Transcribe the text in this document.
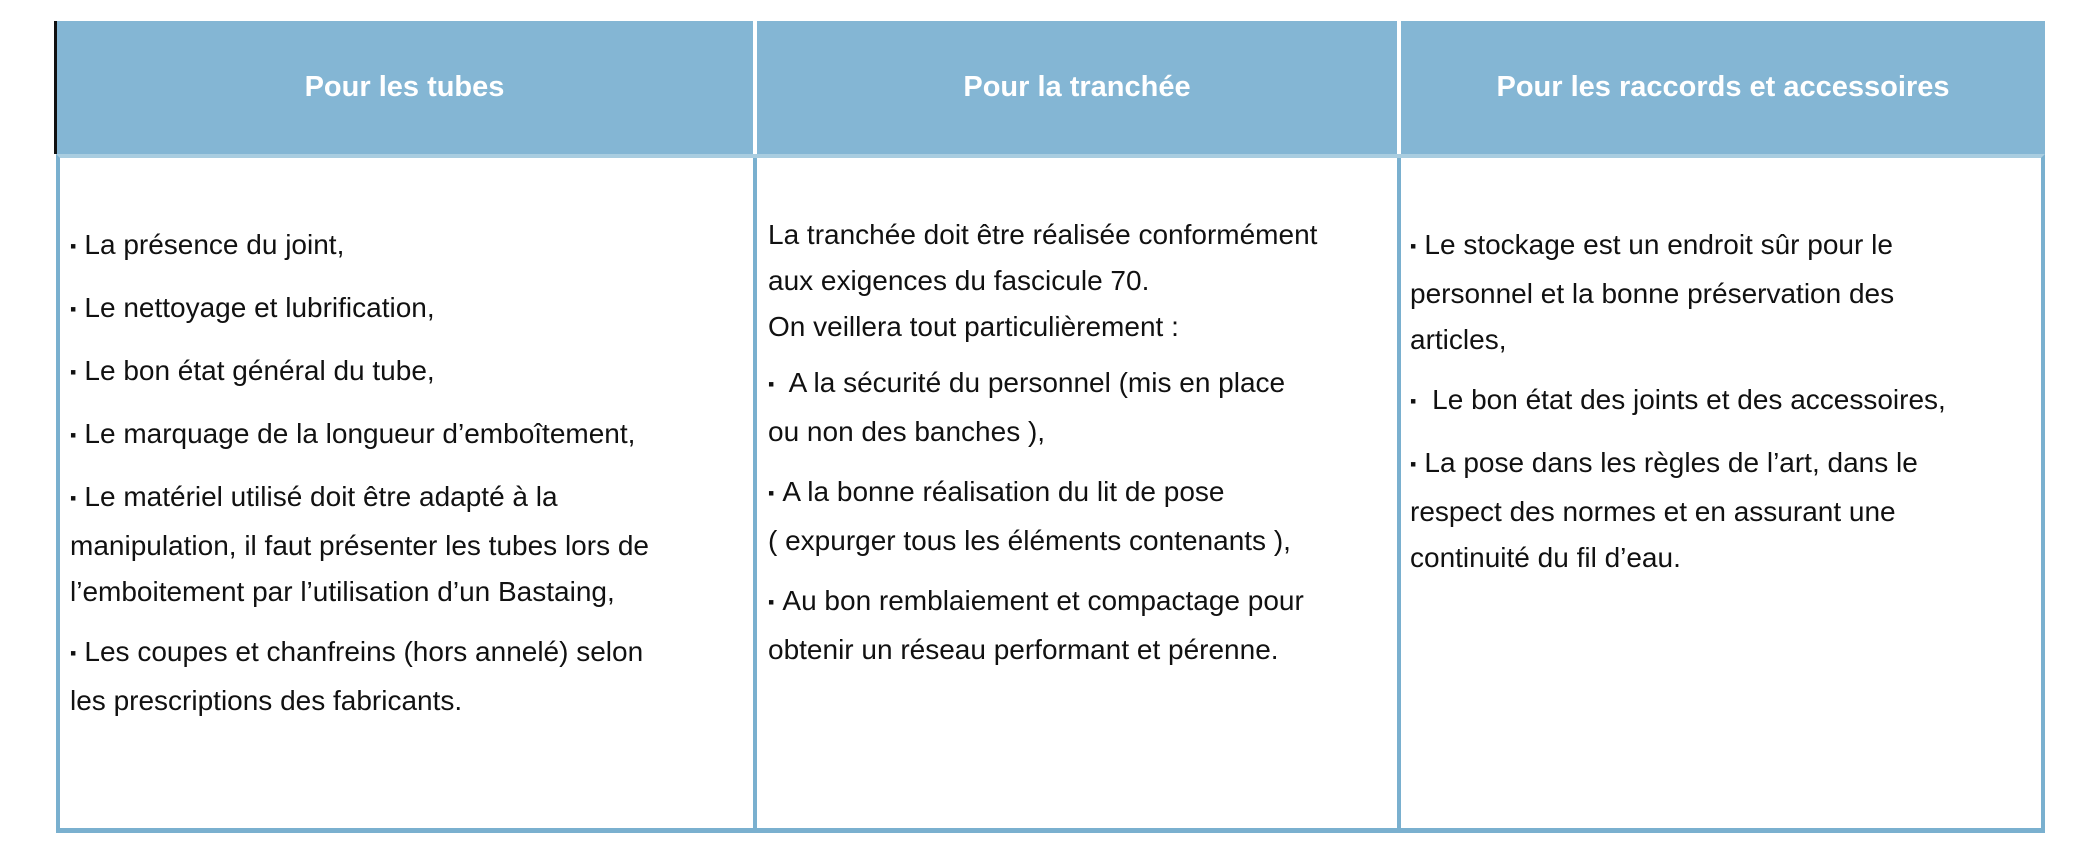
Pour les tubes	Pour la tranchée	Pour les raccords et accessoires
▪ La présence du joint,
▪ Le nettoyage et lubrification,
▪ Le bon état général du tube,
▪ Le marquage de la longueur d’emboîtement,
▪ Le matériel utilisé doit être adapté à la
manipulation, il faut présenter les tubes lors de
l’emboitement par l’utilisation d’un Bastaing,
▪ Les coupes et chanfreins (hors annelé) selon
les prescriptions des fabricants.
La tranchée doit être réalisée conformément
aux exigences du fascicule 70.
On veillera tout particulièrement :
▪ A la sécurité du personnel (mis en place
ou non des banches ),
▪ A la bonne réalisation du lit de pose
( expurger tous les éléments contenants ),
▪ Au bon remblaiement et compactage pour
obtenir un réseau performant et pérenne.
▪ Le stockage est un endroit sûr pour le
personnel et la bonne préservation des
articles,
▪ Le bon état des joints et des accessoires,
▪ La pose dans les règles de l’art, dans le
respect des normes et en assurant une
continuité du fil d’eau.
